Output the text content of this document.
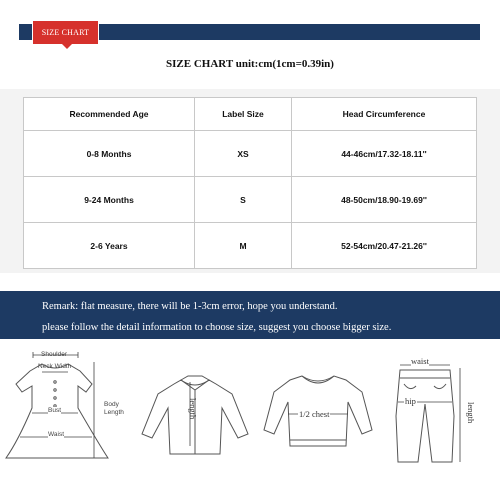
SIZE CHART
SIZE CHART unit:cm(1cm=0.39in)
Recommended Age	Label Size	Head Circumference
0-8 Months	XS	44-46cm/17.32-18.11''
9-24 Months	S	48-50cm/18.90-19.69''
2-6 Years	M	52-54cm/20.47-21.26''

Remark: flat measure, there will be 1-3cm error, hope you understand.

please follow the detail information to choose size, suggest you choose bigger size.

Shoulder
Neck Width
Bust
Body Length
Waist
length	1/2 chest
waist
hip
length
